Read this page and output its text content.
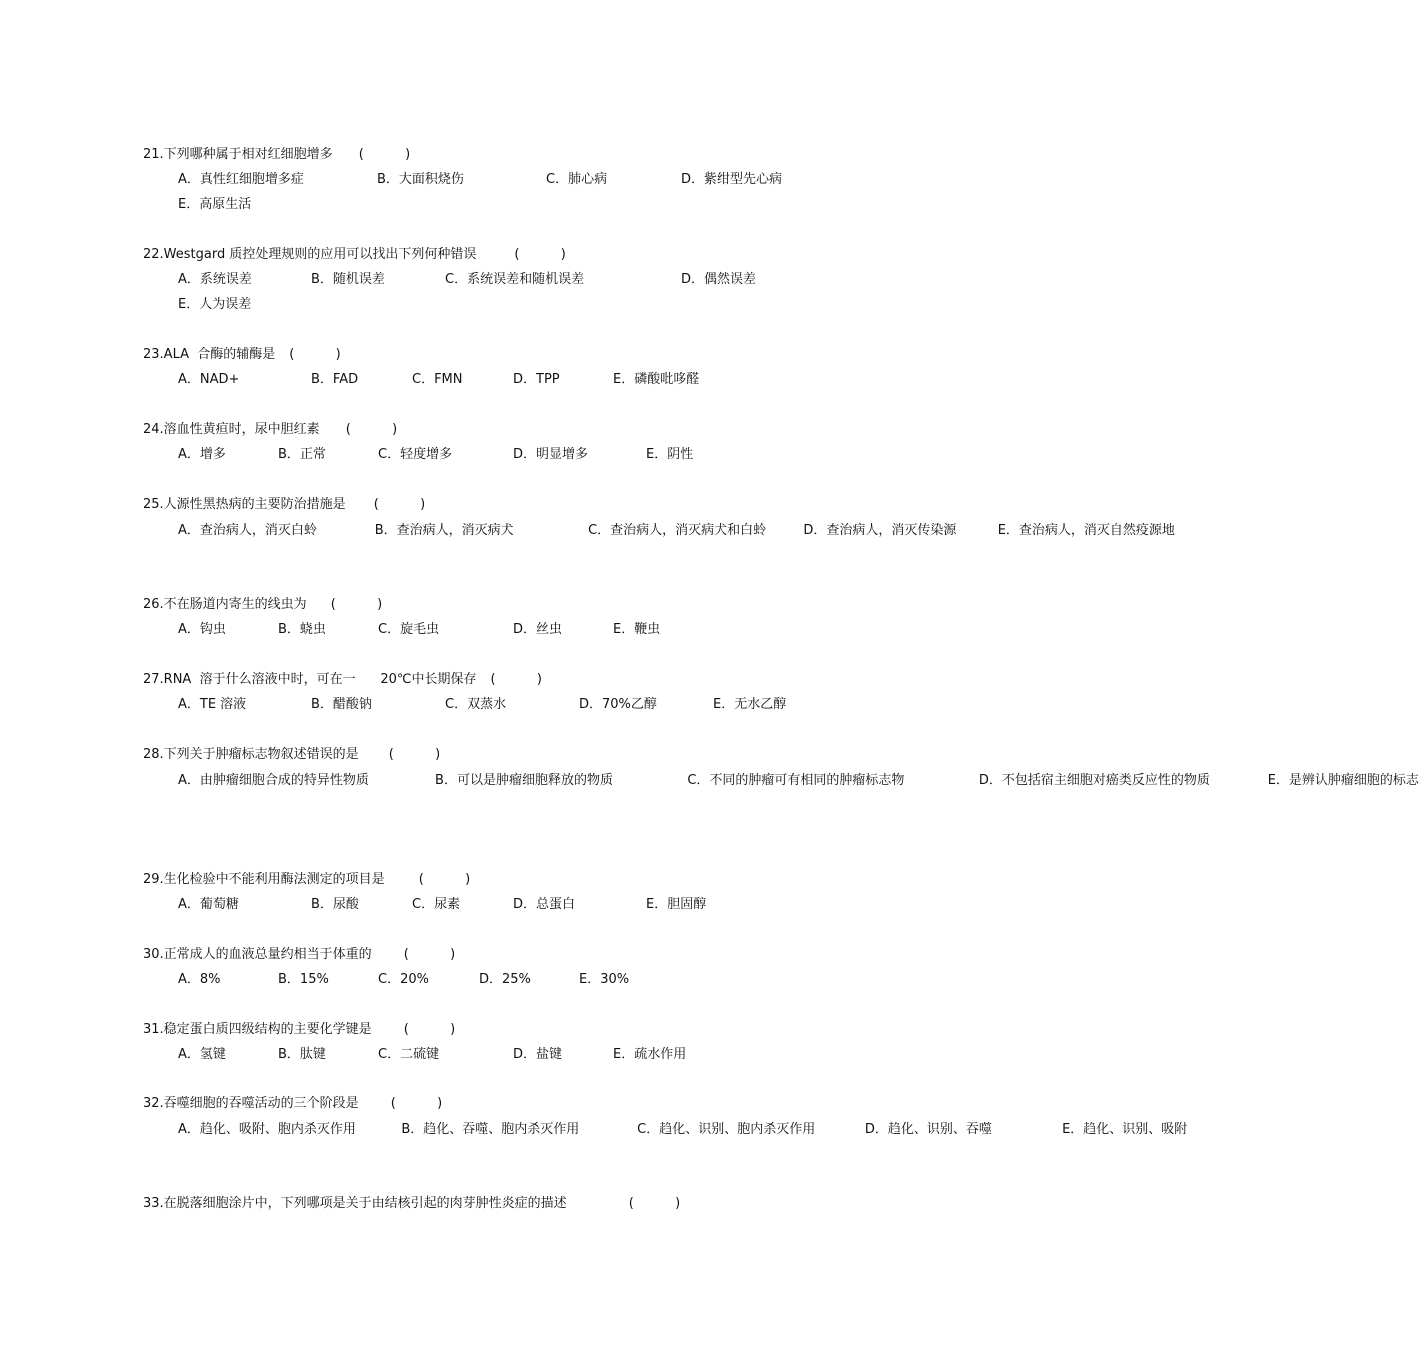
21.下列哪种属于相对红细胞增多 (          )
A．真性红细胞增多症	B．大面积烧伤	C．肺心病	D．紫绀型先心病
E．高原生活
22.Westgard 质控处理规则的应用可以找出下列何种错误	(          )
A．系统误差	B．随机误差	C．系统误差和随机误差	D．偶然误差
E．人为误差
23.ALA  合酶的辅酶是 (          )
A．NAD+	B．FAD	C．FMN	D．TPP	E．磷酸吡哆醛
24.溶血性黄疸时，尿中胆红素 (          )
A．增多	B．正常	C．轻度增多	D．明显增多	E．阴性
25.人源性黑热病的主要防治措施是 (          )
A．查治病人，消灭白蛉	B．查治病人，消灭病犬	C．查治病人，消灭病犬和白蛉	D．查治病人，消灭传染源	E．查治病人，消灭自然疫源地
26.不在肠道内寄生的线虫为 (          )
A．钩虫	B．蛲虫	C．旋毛虫	D．丝虫	E．鞭虫
27.RNA  溶于什么溶液中时，可在一      20℃中长期保存 (          )
A．TE 溶液	B．醋酸钠	C．双蒸水	D．70%乙醇	E．无水乙醇
28.下列关于肿瘤标志物叙述错误的是 (          )
A．由肿瘤细胞合成的特异性物质	B．可以是肿瘤细胞释放的物质	C．不同的肿瘤可有相同的肿瘤标志物	D．不包括宿主细胞对癌类反应性的物质	E．是辨认肿瘤细胞的标志
29.生化检验中不能利用酶法测定的项目是	(          )
A．葡萄糖	B．尿酸	C．尿素	D．总蛋白	E．胆固醇
30.正常成人的血液总量约相当于体重的 (          )
A．8%	B．15%	C．20%	D．25%	E．30%
31.稳定蛋白质四级结构的主要化学键是 (          )
A．氢键	B．肽键	C．二硫键	D．盐键	E．疏水作用
32.吞噬细胞的吞噬活动的三个阶段是 (          )
A．趋化、吸附、胞内杀灭作用	B．趋化、吞噬、胞内杀灭作用	C．趋化、识别、胞内杀灭作用	D．趋化、识别、吞噬	E．趋化、识别、吸附
33.在脱落细胞涂片中，下列哪项是关于由结核引起的肉芽肿性炎症的描述	(          )
